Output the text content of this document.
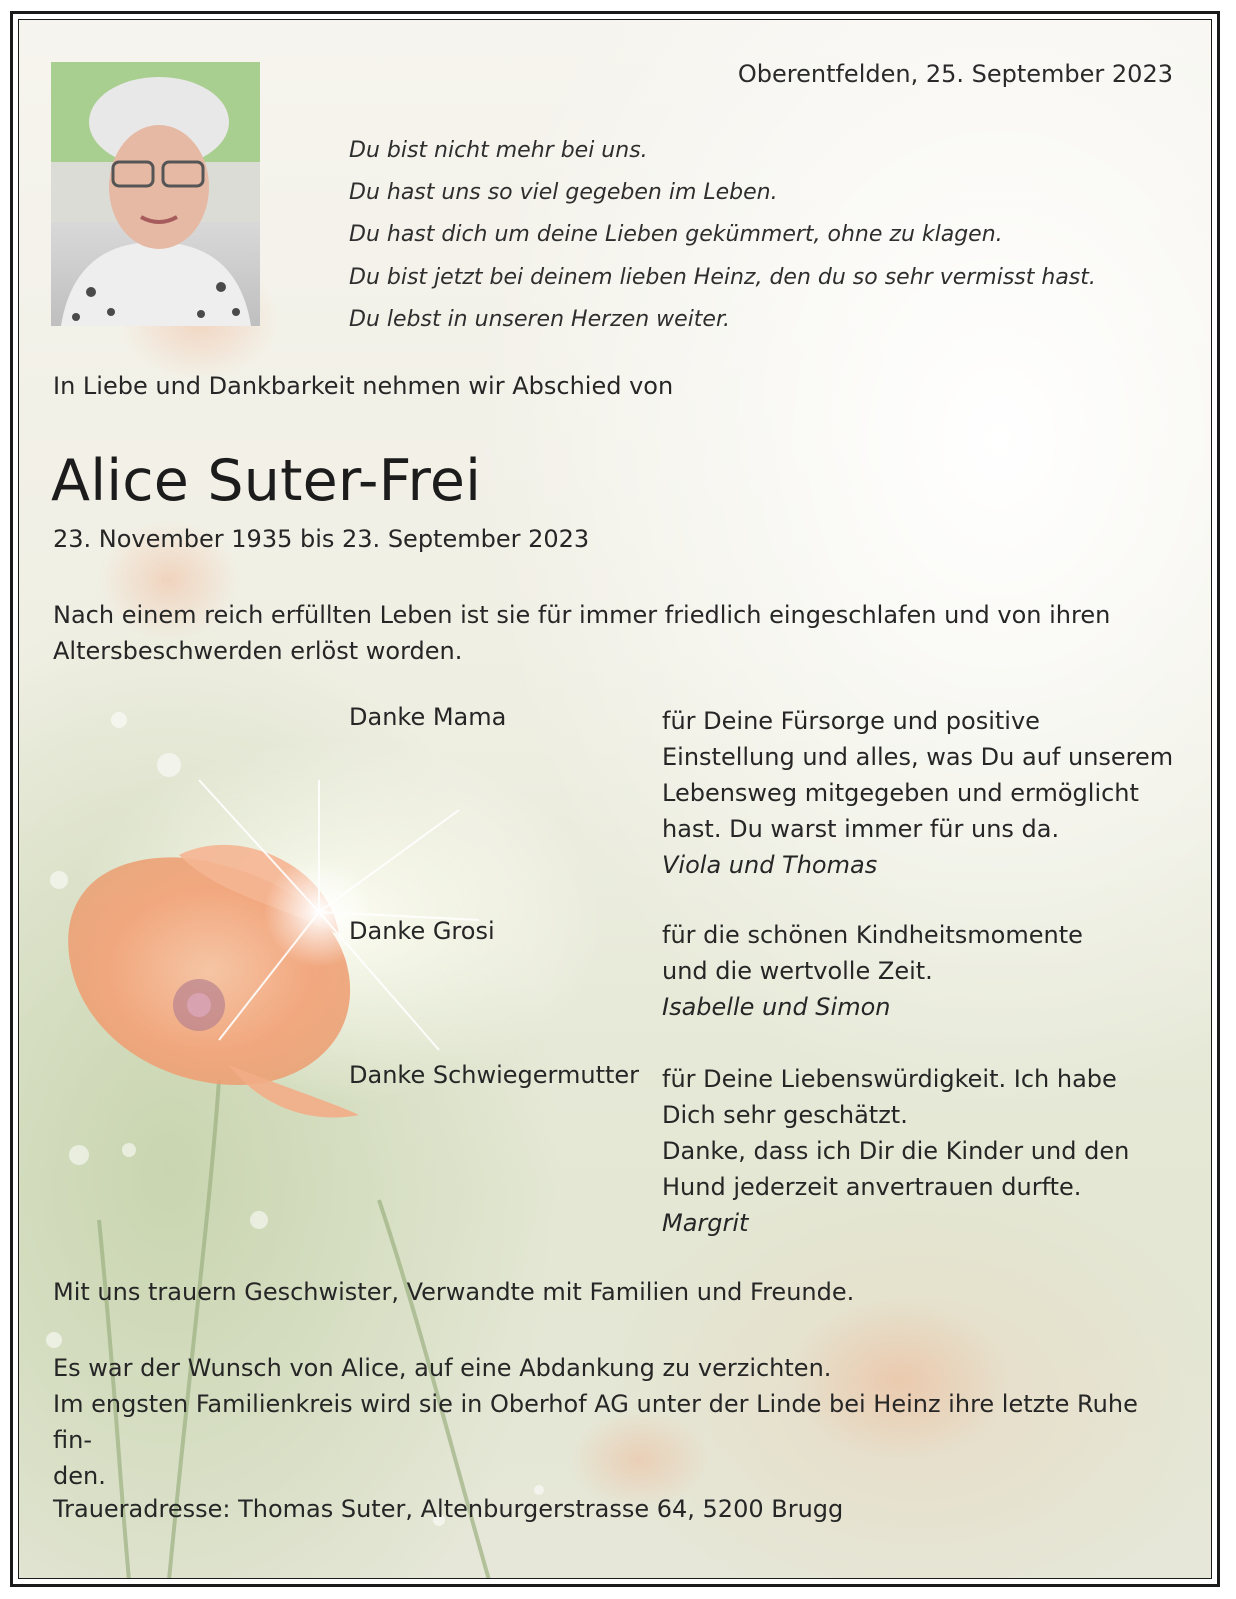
Oberentfelden, 25. September 2023
Du bist nicht mehr bei uns.
Du hast uns so viel gegeben im Leben.
Du hast dich um deine Lieben gekümmert, ohne zu klagen.
Du bist jetzt bei deinem lieben Heinz, den du so sehr vermisst hast.
Du lebst in unseren Herzen weiter.
In Liebe und Dankbarkeit nehmen wir Abschied von
Alice Suter-Frei
23. November 1935 bis 23. September 2023
Nach einem reich erfüllten Leben ist sie für immer friedlich eingeschlafen und von ihren
Altersbeschwerden erlöst worden.
Danke Mama	für Deine Fürsorge und positive
Einstellung und alles, was Du auf unserem
Lebensweg mitgegeben und ermöglicht
hast. Du warst immer für uns da.
Viola und Thomas
Danke Grosi	für die schönen Kindheitsmomente
und die wertvolle Zeit.
Isabelle und Simon
Danke Schwiegermutter für Deine Liebenswürdigkeit. Ich habe
Dich sehr geschätzt.
Danke, dass ich Dir die Kinder und den
Hund jederzeit anvertrauen durfte.
Margrit
Mit uns trauern Geschwister, Verwandte mit Familien und Freunde.
Es war der Wunsch von Alice, auf eine Abdankung zu verzichten.
Im engsten Familienkreis wird sie in Oberhof AG unter der Linde bei Heinz ihre letzte Ruhe fin-
den.
Traueradresse: Thomas Suter, Altenburgerstrasse 64, 5200 Brugg
